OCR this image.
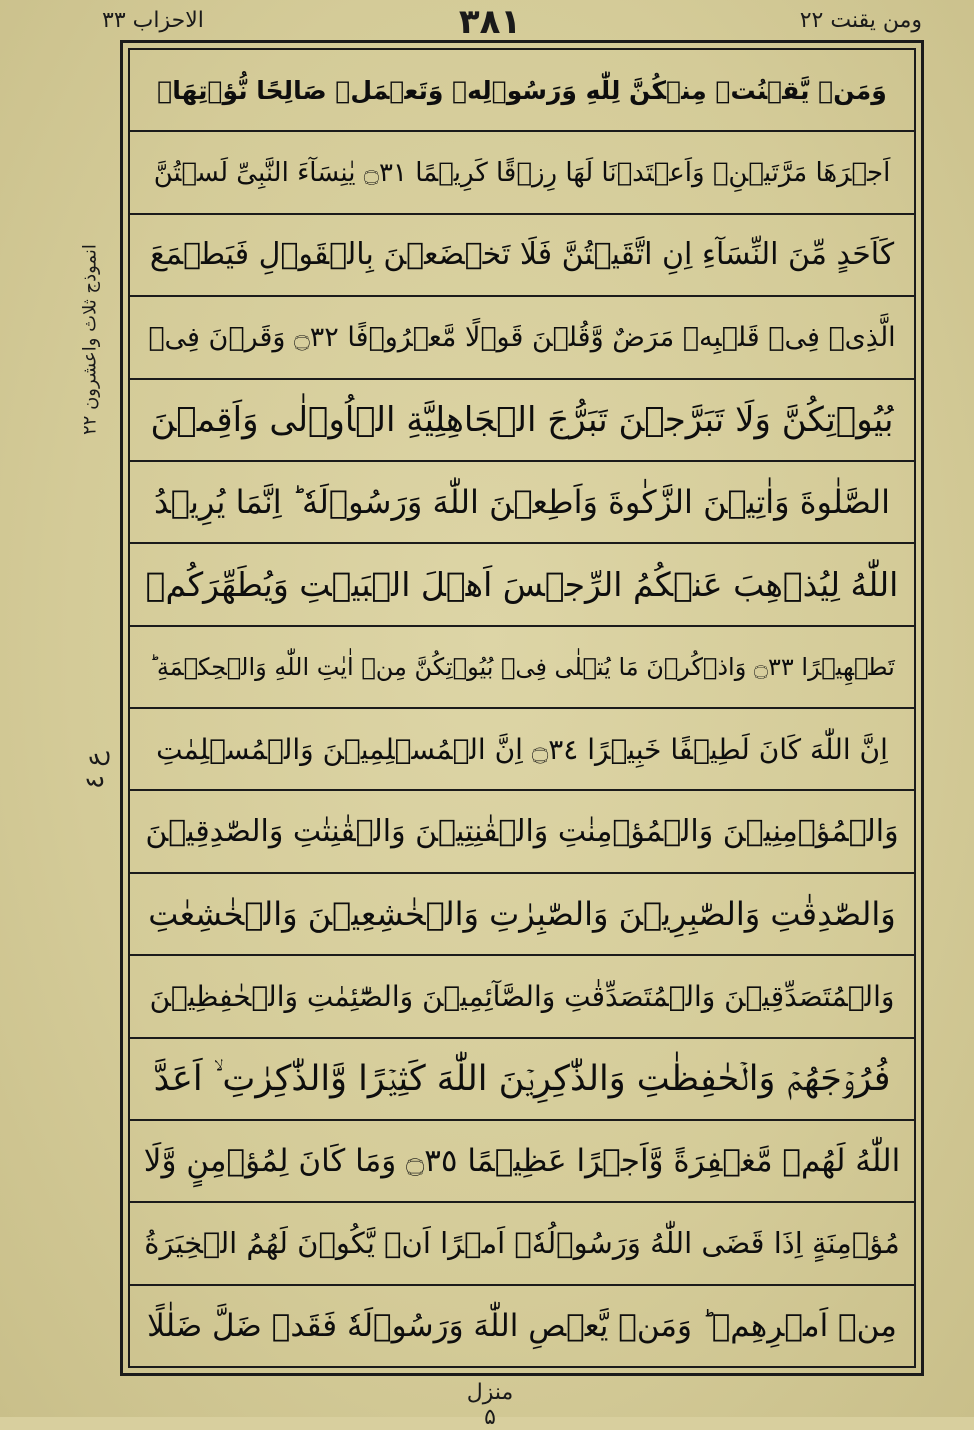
ومن يقنت ٢٢
٣٨١
الاحزاب ٣٣
انموذج ثلاث واعشرون ٢٢
ع ٤
وَمَنۡ يَّقۡنُتۡ مِنۡكُنَّ لِلّٰهِ وَرَسُوۡلِهٖ وَتَعۡمَلۡ صَالِحًا نُّؤۡتِهَاۤ
اَجۡرَهَا مَرَّتَيۡنِۙ وَاَعۡتَدۡنَا لَهَا رِزۡقًا كَرِيۡمًا ۝٣١ يٰنِسَآءَ النَّبِىِّ لَسۡتُنَّ
كَاَحَدٍ مِّنَ النِّسَآءِ اِنِ اتَّقَيۡتُنَّ فَلَا تَخۡضَعۡنَ بِالۡقَوۡلِ فَيَطۡمَعَ
الَّذِىۡ فِىۡ قَلۡبِهٖ مَرَضٌ وَّقُلۡنَ قَوۡلًا مَّعۡرُوۡفًا ۝٣٢ وَقَرۡنَ فِىۡ
بُيُوۡتِكُنَّ وَلَا تَبَرَّجۡنَ تَبَرُّجَ الۡجَاهِلِيَّةِ الۡاُوۡلٰى وَاَقِمۡنَ
الصَّلٰوةَ وَاٰتِيۡنَ الزَّكٰوةَ وَاَطِعۡنَ اللّٰهَ وَرَسُوۡلَهٗ ؕ اِنَّمَا يُرِيۡدُ
اللّٰهُ لِيُذۡهِبَ عَنۡكُمُ الرِّجۡسَ اَهۡلَ الۡبَيۡتِ وَيُطَهِّرَكُمۡ
تَطۡهِيۡرًا ۝٣٣ وَاذۡكُرۡنَ مَا يُتۡلٰى فِىۡ بُيُوۡتِكُنَّ مِنۡ اٰيٰتِ اللّٰهِ وَالۡحِكۡمَةِ ؕ
اِنَّ اللّٰهَ كَانَ لَطِيۡفًا خَبِيۡرًا ۝٣٤ اِنَّ الۡمُسۡلِمِيۡنَ وَالۡمُسۡلِمٰتِ
وَالۡمُؤۡمِنِيۡنَ وَالۡمُؤۡمِنٰتِ وَالۡقٰنِتِيۡنَ وَالۡقٰنِتٰتِ وَالصّٰدِقِيۡنَ
وَالصّٰدِقٰتِ وَالصّٰبِرِيۡنَ وَالصّٰبِرٰتِ وَالۡخٰشِعِيۡنَ وَالۡخٰشِعٰتِ
وَالۡمُتَصَدِّقِيۡنَ وَالۡمُتَصَدِّقٰتِ وَالصَّآئِمِيۡنَ وَالصّٰٓئِمٰتِ وَالۡحٰفِظِيۡنَ
فُرُوۡجَهُمۡ وَالۡحٰفِظٰتِ وَالذّٰكِرِيۡنَ اللّٰهَ كَثِيۡرًا وَّالذّٰكِرٰتِ ۙ اَعَدَّ
اللّٰهُ لَهُمۡ مَّغۡفِرَةً وَّاَجۡرًا عَظِيۡمًا ۝٣٥ وَمَا كَانَ لِمُؤۡمِنٍ وَّلَا
مُؤۡمِنَةٍ اِذَا قَضَى اللّٰهُ وَرَسُوۡلُهٗۤ اَمۡرًا اَنۡ يَّكُوۡنَ لَهُمُ الۡخِيَرَةُ
مِنۡ اَمۡرِهِمۡ ؕ وَمَنۡ يَّعۡصِ اللّٰهَ وَرَسُوۡلَهٗ فَقَدۡ ضَلَّ ضَلٰلًا
منزل ۵
